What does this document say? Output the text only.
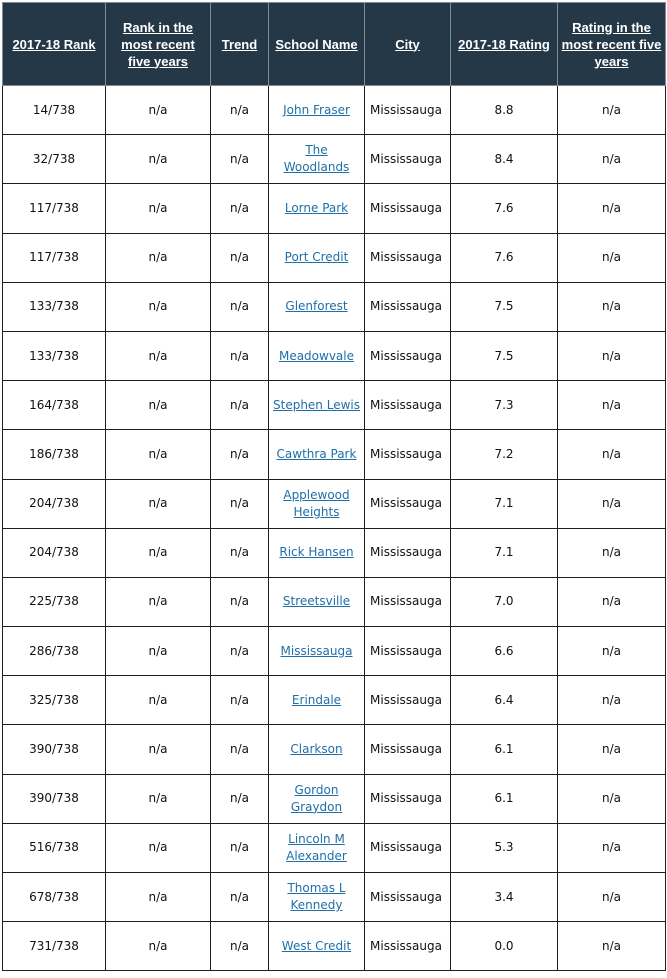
2017-18 Rank	Rank in the most recent five years	Trend	School Name	City	2017-18 Rating	Rating in the most recent five years
14/738	n/a	n/a	John Fraser	Mississauga	8.8	n/a
32/738	n/a	n/a	The Woodlands	Mississauga	8.4	n/a
117/738	n/a	n/a	Lorne Park	Mississauga	7.6	n/a
117/738	n/a	n/a	Port Credit	Mississauga	7.6	n/a
133/738	n/a	n/a	Glenforest	Mississauga	7.5	n/a
133/738	n/a	n/a	Meadowvale	Mississauga	7.5	n/a
164/738	n/a	n/a	Stephen Lewis	Mississauga	7.3	n/a
186/738	n/a	n/a	Cawthra Park	Mississauga	7.2	n/a
204/738	n/a	n/a	Applewood Heights	Mississauga	7.1	n/a
204/738	n/a	n/a	Rick Hansen	Mississauga	7.1	n/a
225/738	n/a	n/a	Streetsville	Mississauga	7.0	n/a
286/738	n/a	n/a	Mississauga	Mississauga	6.6	n/a
325/738	n/a	n/a	Erindale	Mississauga	6.4	n/a
390/738	n/a	n/a	Clarkson	Mississauga	6.1	n/a
390/738	n/a	n/a	Gordon Graydon	Mississauga	6.1	n/a
516/738	n/a	n/a	Lincoln M Alexander	Mississauga	5.3	n/a
678/738	n/a	n/a	Thomas L Kennedy	Mississauga	3.4	n/a
731/738	n/a	n/a	West Credit	Mississauga	0.0	n/a
